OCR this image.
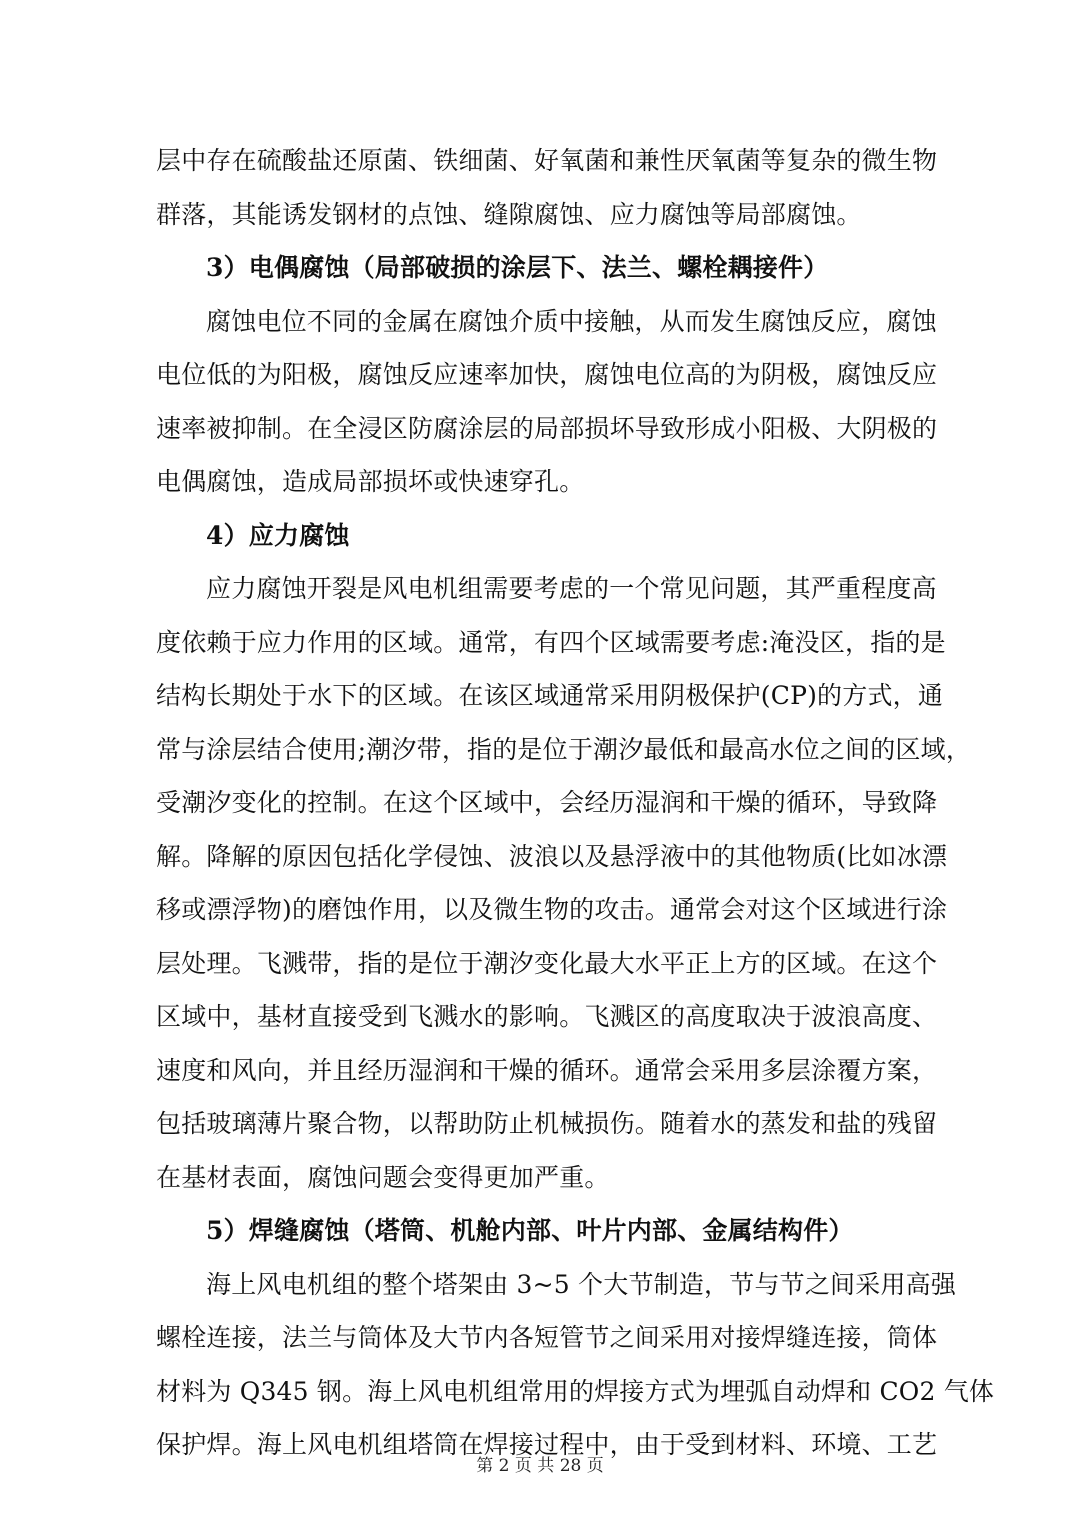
层中存在硫酸盐还原菌、铁细菌、好氧菌和兼性厌氧菌等复杂的微生物
群落，其能诱发钢材的点蚀、缝隙腐蚀、应力腐蚀等局部腐蚀。
3）电偶腐蚀（局部破损的涂层下、法兰、螺栓耦接件）
腐蚀电位不同的金属在腐蚀介质中接触，从而发生腐蚀反应，腐蚀
电位低的为阳极，腐蚀反应速率加快，腐蚀电位高的为阴极，腐蚀反应
速率被抑制。在全浸区防腐涂层的局部损坏导致形成小阳极、大阴极的
电偶腐蚀，造成局部损坏或快速穿孔。
4）应力腐蚀
应力腐蚀开裂是风电机组需要考虑的一个常见问题，其严重程度高
度依赖于应力作用的区域。通常，有四个区域需要考虑:淹没区，指的是
结构长期处于水下的区域。在该区域通常采用阴极保护(CP)的方式，通
常与涂层结合使用;潮汐带，指的是位于潮汐最低和最高水位之间的区域，
受潮汐变化的控制。在这个区域中，会经历湿润和干燥的循环，导致降
解。降解的原因包括化学侵蚀、波浪以及悬浮液中的其他物质(比如冰漂
移或漂浮物)的磨蚀作用，以及微生物的攻击。通常会对这个区域进行涂
层处理。飞溅带，指的是位于潮汐变化最大水平正上方的区域。在这个
区域中，基材直接受到飞溅水的影响。飞溅区的高度取决于波浪高度、
速度和风向，并且经历湿润和干燥的循环。通常会采用多层涂覆方案，
包括玻璃薄片聚合物，以帮助防止机械损伤。随着水的蒸发和盐的残留
在基材表面，腐蚀问题会变得更加严重。
5）焊缝腐蚀（塔筒、机舱内部、叶片内部、金属结构件）
海上风电机组的整个塔架由 3~5 个大节制造，节与节之间采用高强
螺栓连接，法兰与筒体及大节内各短管节之间采用对接焊缝连接，筒体
材料为 Q345 钢。海上风电机组常用的焊接方式为埋弧自动焊和 CO2 气体
保护焊。海上风电机组塔筒在焊接过程中，由于受到材料、环境、工艺
第 2 页 共 28 页
